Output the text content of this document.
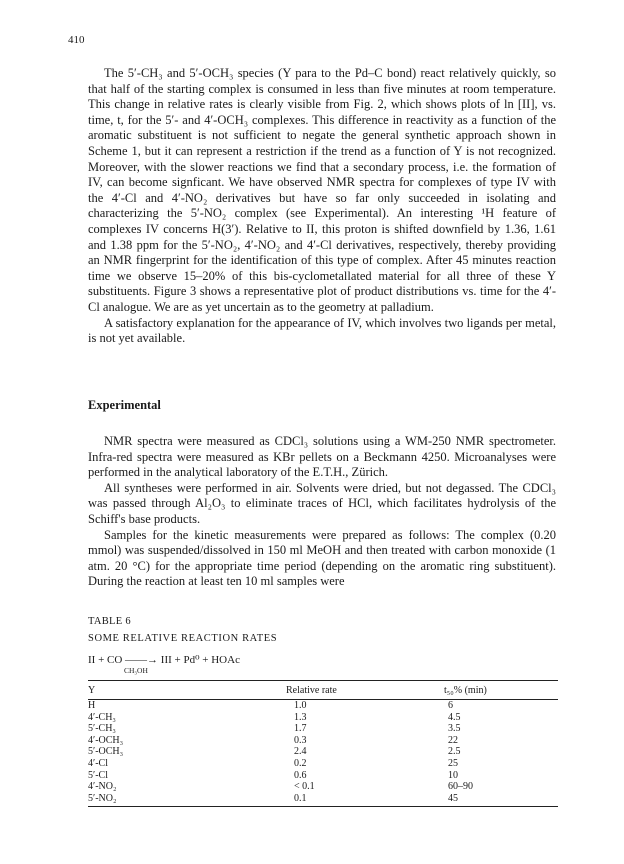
410

The 5′-CH₃ and 5′-OCH₃ species (Y para to the Pd–C bond) react relatively quickly, so that half of the starting complex is consumed in less than five minutes at room temperature. This change in relative rates is clearly visible from Fig. 2, which shows plots of ln [II], vs. time, t, for the 5′- and 4′-OCH₃ complexes. This difference in reactivity as a function of the aromatic substituent is not sufficient to negate the general synthetic approach shown in Scheme 1, but it can represent a restriction if the trend as a function of Y is not recognized. Moreover, with the slower reactions we find that a secondary process, i.e. the formation of IV, can become signficant. We have observed NMR spectra for complexes of type IV with the 4′-Cl and 4′-NO₂ derivatives but have so far only succeeded in isolating and characterizing the 5′-NO₂ complex (see Experimental). An interesting ¹H feature of complexes IV concerns H(3′). Relative to II, this proton is shifted downfield by 1.36, 1.61 and 1.38 ppm for the 5′-NO₂, 4′-NO₂ and 4′-Cl derivatives, respectively, thereby providing an NMR fingerprint for the identification of this type of complex. After 45 minutes reaction time we observe 15–20% of this bis-cyclometallated material for all three of these Y substituents. Figure 3 shows a representative plot of product distributions vs. time for the 4′-Cl analogue. We are as yet uncertain as to the geometry at palladium.

A satisfactory explanation for the appearance of IV, which involves two ligands per metal, is not yet available.

Experimental

NMR spectra were measured as CDCl₃ solutions using a WM-250 NMR spectrometer. Infra-red spectra were measured as KBr pellets on a Beckmann 4250. Microanalyses were performed in the analytical laboratory of the E.T.H., Zürich.

All syntheses were performed in air. Solvents were dried, but not degassed. The CDCl₃ was passed through Al₂O₃ to eliminate traces of HCl, which facilitates hydrolysis of the Schiff's base products.

Samples for the kinetic measurements were prepared as follows: The complex (0.20 mmol) was suspended/dissolved in 150 ml MeOH and then treated with carbon monoxide (1 atm. 20 °C) for the appropriate time period (depending on the aromatic ring substituent). During the reaction at least ten 10 ml samples were

TABLE 6
SOME RELATIVE REACTION RATES
II + CO ——→ III + Pd⁰ + HOAc
CH₃OH
Y	Relative rate	t₅₀% (min)
H	1.0	6
4′-CH₃	1.3	4.5
5′-CH₃	1.7	3.5
4′-OCH₃	0.3	22
5′-OCH₃	2.4	2.5
4′-Cl	0.2	25
5′-Cl	0.6	10
4′-NO₂	< 0.1	60–90
5′-NO₂	0.1	45
